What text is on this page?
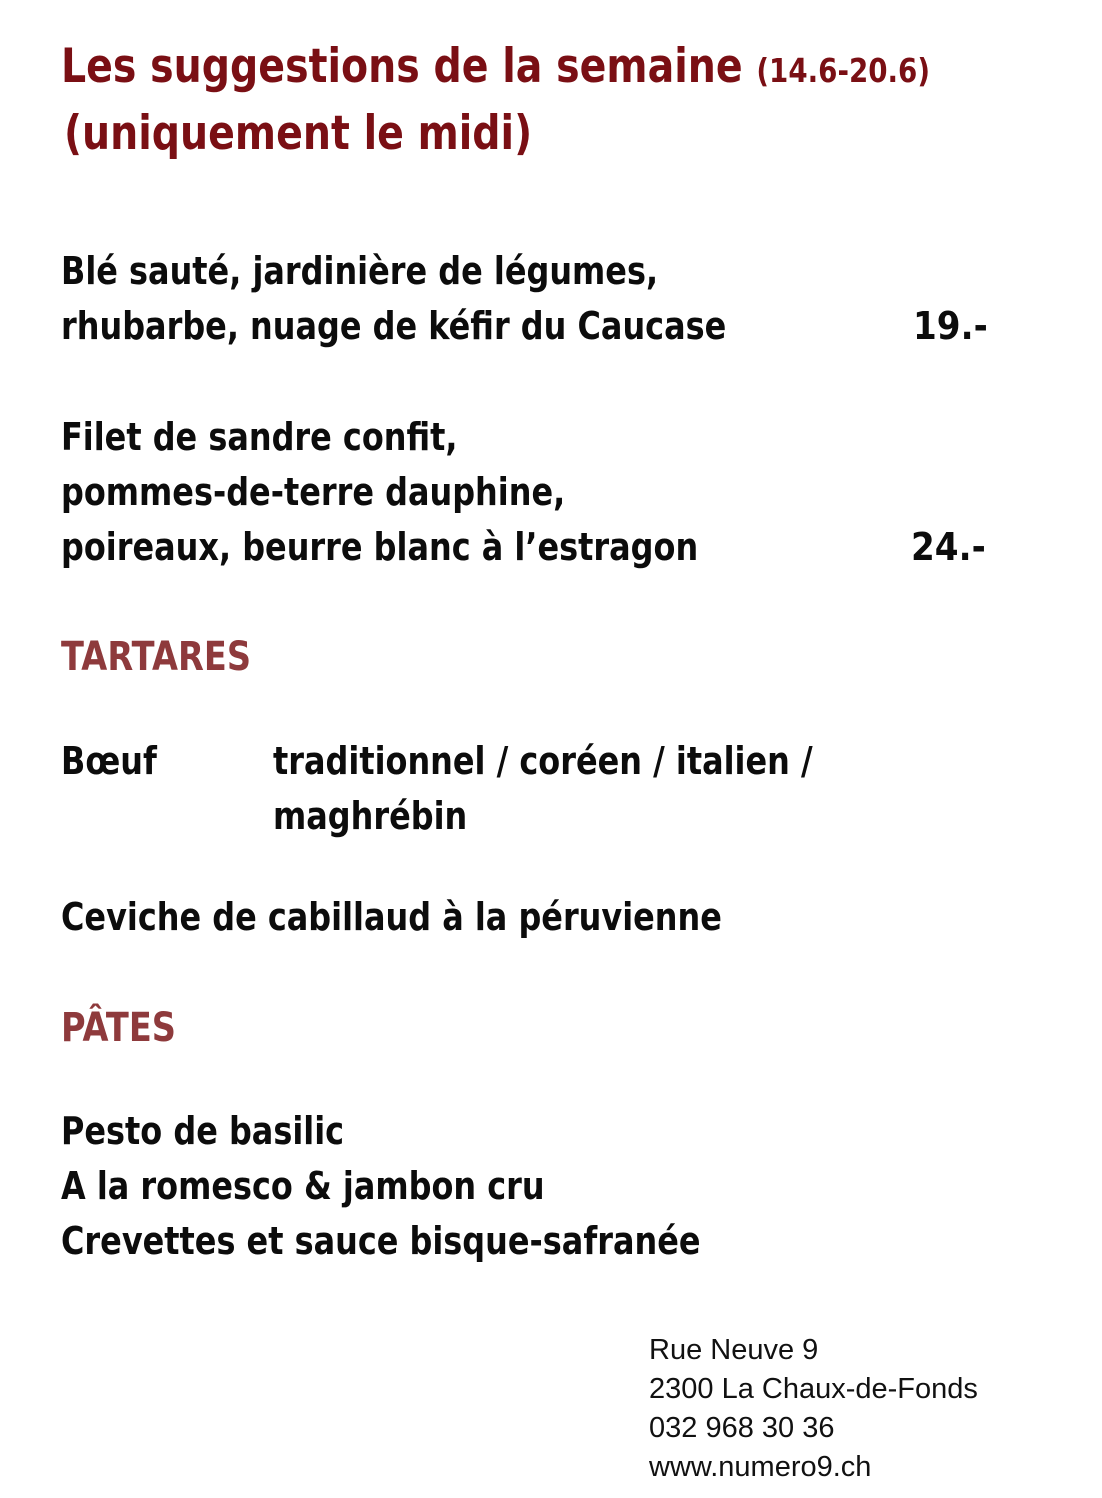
Les suggestions de la semaine (14.6-20.6)
(uniquement le midi)
Blé sauté, jardinière de légumes,
rhubarbe, nuage de kéfir du Caucase	19.-
Filet de sandre confit,
pommes-de-terre dauphine,
poireaux, beurre blanc à l’estragon	24.-
TARTARES
Bœuf	traditionnel / coréen / italien /
maghrébin
Ceviche de cabillaud à la péruvienne
PÂTES
Pesto de basilic
A la romesco & jambon cru
Crevettes et sauce bisque-safranée
Rue Neuve 9
2300 La Chaux-de-Fonds
032 968 30 36
www.numero9.ch
